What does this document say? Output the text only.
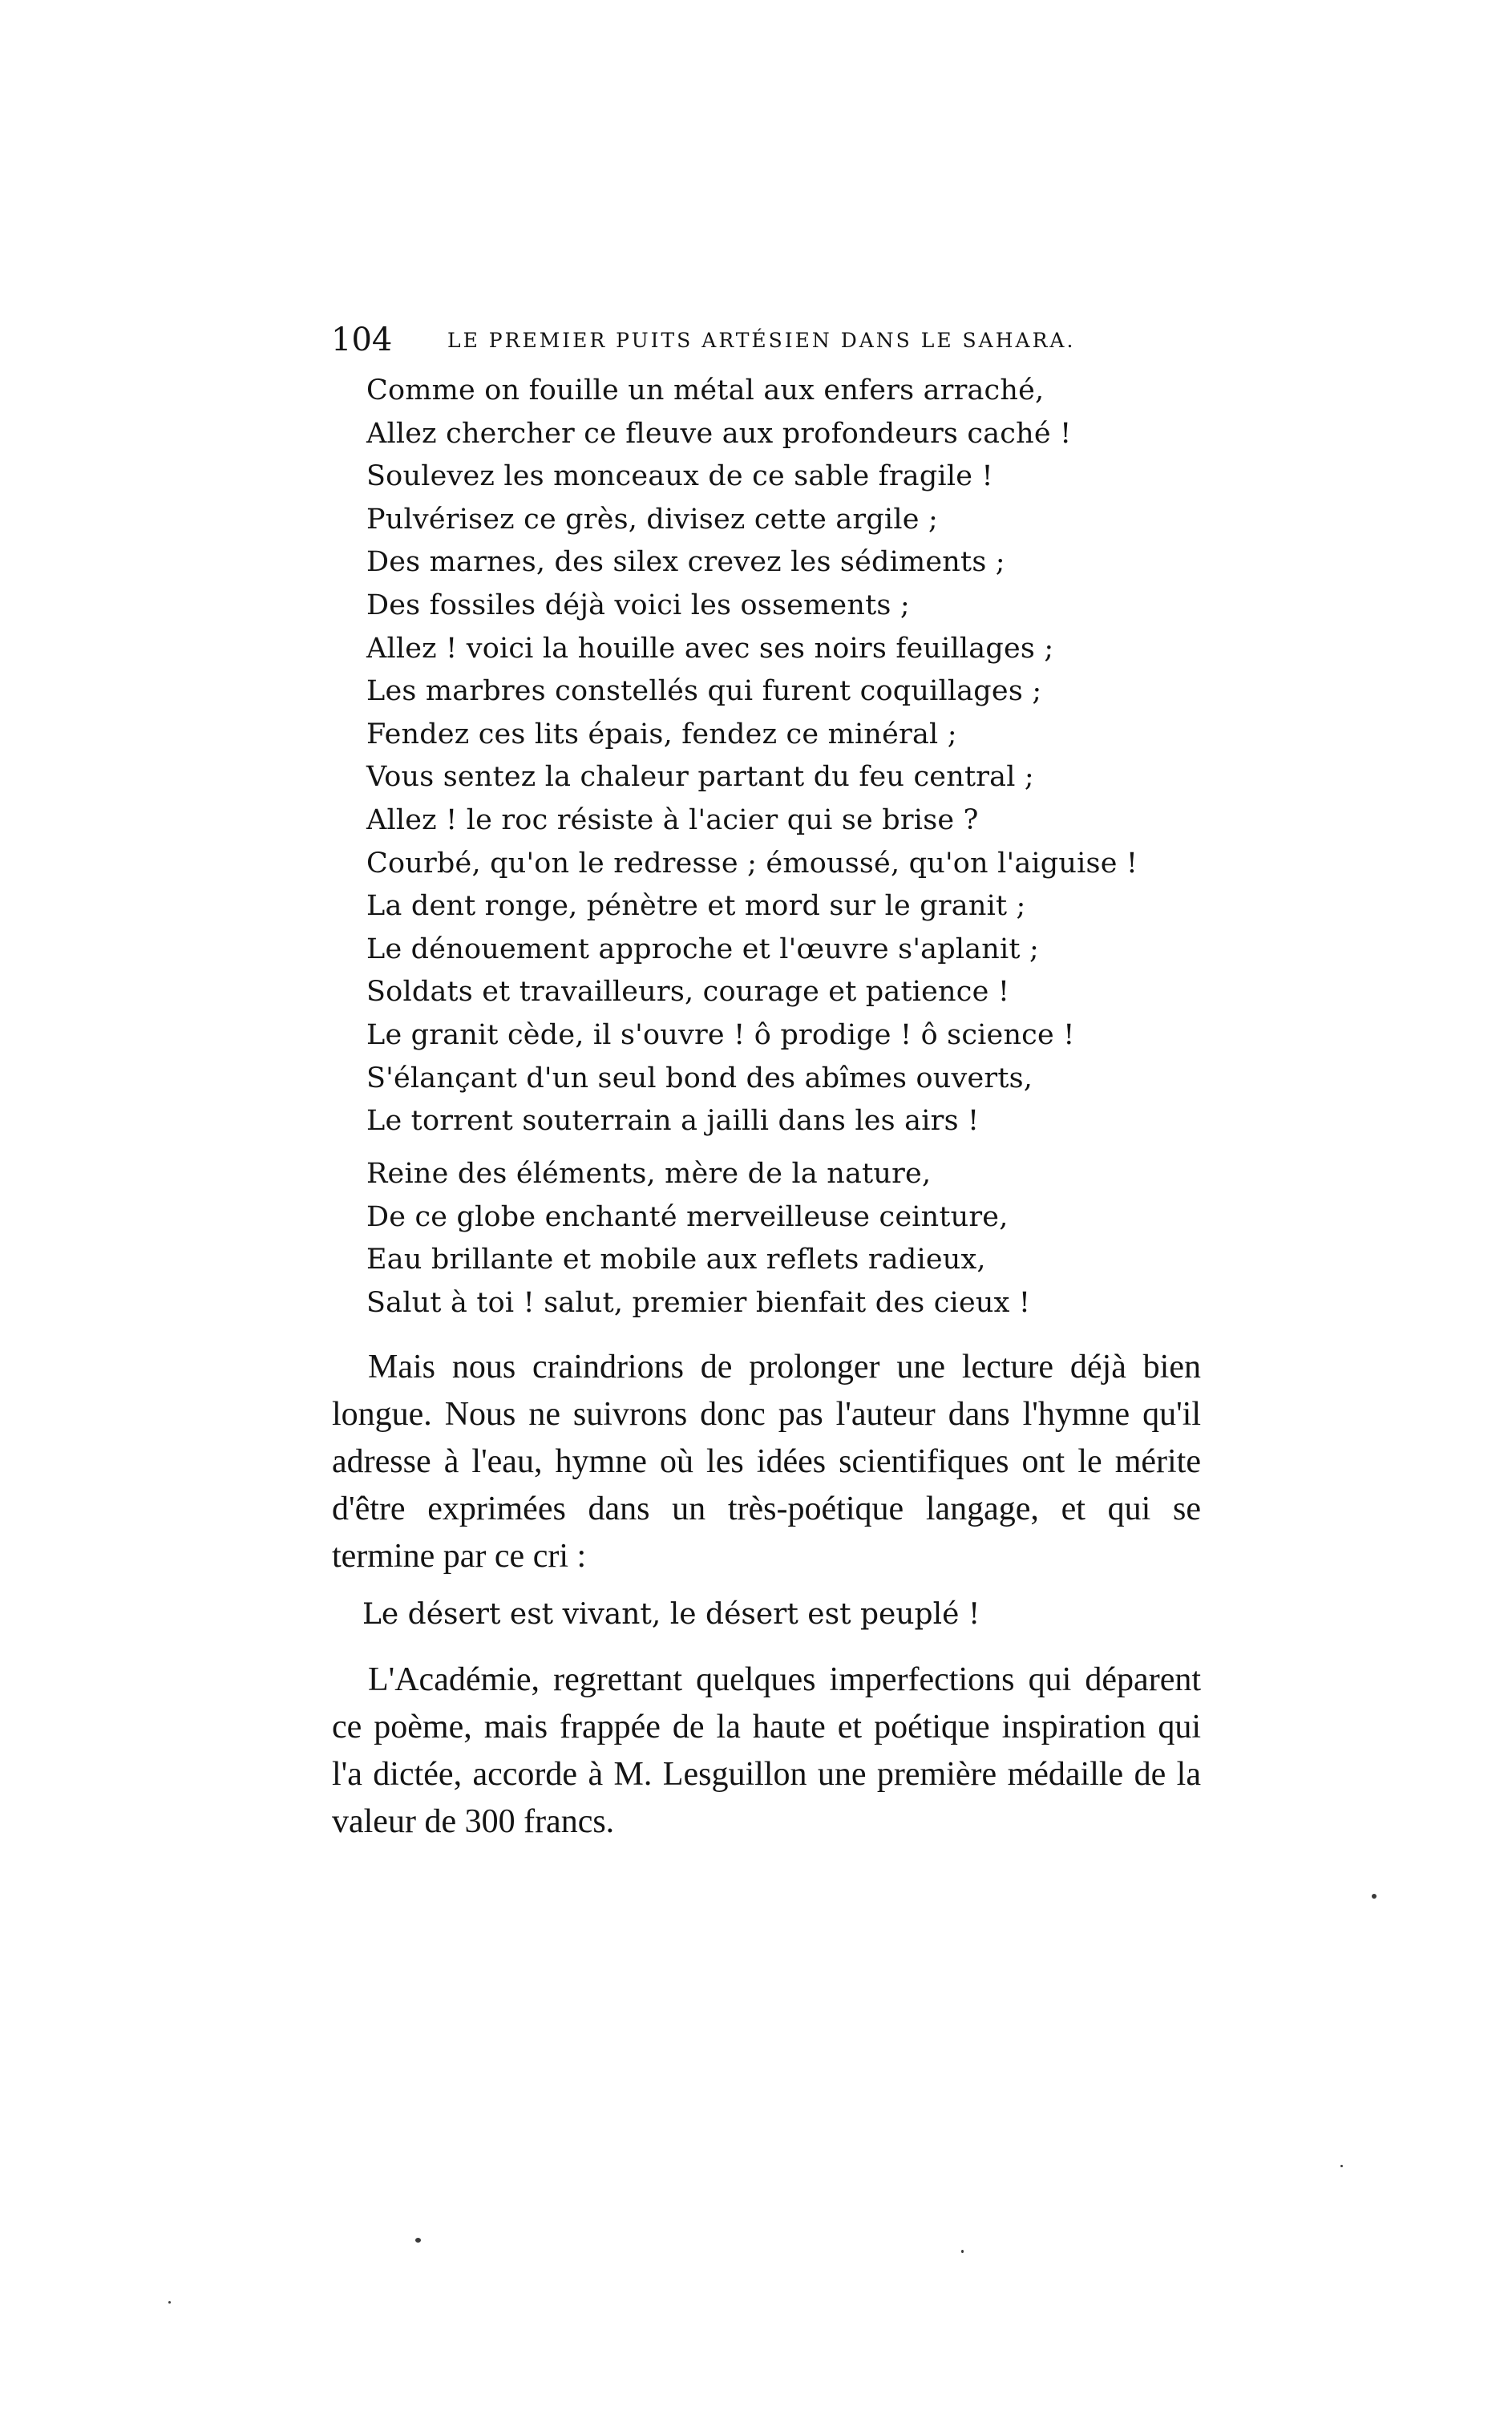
104	LE PREMIER PUITS ARTÉSIEN DANS LE SAHARA.
Comme on fouille un métal aux enfers arraché,
Allez chercher ce fleuve aux profondeurs caché !
Soulevez les monceaux de ce sable fragile !
Pulvérisez ce grès, divisez cette argile ;
Des marnes, des silex crevez les sédiments ;
Des fossiles déjà voici les ossements ;
Allez ! voici la houille avec ses noirs feuillages ;
Les marbres constellés qui furent coquillages ;
Fendez ces lits épais, fendez ce minéral ;
Vous sentez la chaleur partant du feu central ;
Allez ! le roc résiste à l'acier qui se brise ?
Courbé, qu'on le redresse ; émoussé, qu'on l'aiguise !
La dent ronge, pénètre et mord sur le granit ;
Le dénouement approche et l'œuvre s'aplanit ;
Soldats et travailleurs, courage et patience !
Le granit cède, il s'ouvre ! ô prodige ! ô science !
S'élançant d'un seul bond des abîmes ouverts,
Le torrent souterrain a jailli dans les airs !
Reine des éléments, mère de la nature,
De ce globe enchanté merveilleuse ceinture,
Eau brillante et mobile aux reflets radieux,
Salut à toi ! salut, premier bienfait des cieux !

Mais nous craindrions de prolonger une lecture déjà bien longue. Nous ne suivrons donc pas l'auteur dans l'hymne qu'il adresse à l'eau, hymne où les idées scientifiques ont le mérite d'être exprimées dans un très-poétique langage, et qui se termine par ce cri :

Le désert est vivant, le désert est peuplé !

L'Académie, regrettant quelques imperfections qui déparent ce poème, mais frappée de la haute et poétique inspiration qui l'a dictée, accorde à M. Lesguillon une première médaille de la valeur de 300 francs.
